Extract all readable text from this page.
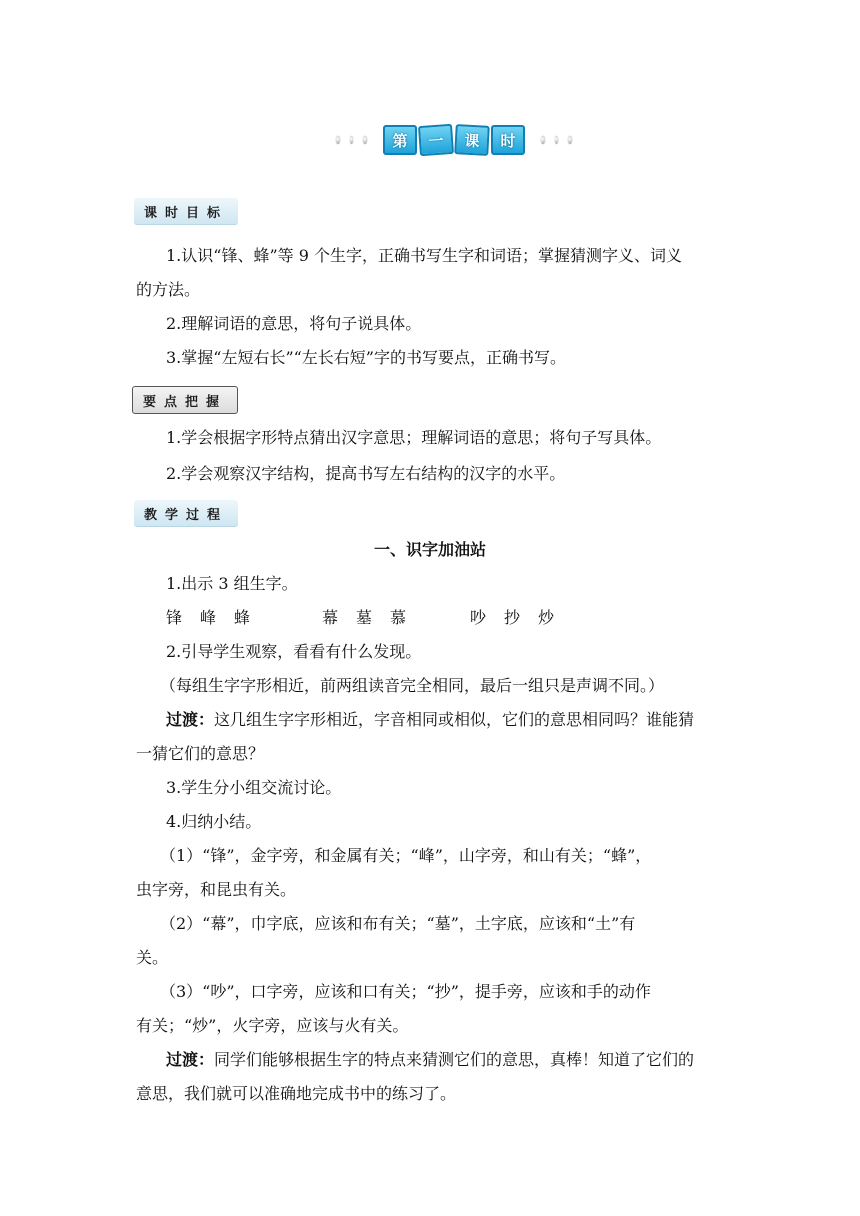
第	一	课	时
课时目标
1.认识“锋、蜂”等 9 个生字，正确书写生字和词语；掌握猜测字义、词义
的方法。
2.理解词语的意思，将句子说具体。
3.掌握“左短右长”“左长右短”字的书写要点，正确书写。
要点把握
1.学会根据字形特点猜出汉字意思；理解词语的意思；将句子写具体。
2.学会观察汉字结构，提高书写左右结构的汉字的水平。
教学过程
一、识字加油站
1.出示 3 组生字。
锋 峰 蜂	幕 墓 慕	吵 抄 炒
2.引导学生观察，看看有什么发现。
（每组生字字形相近，前两组读音完全相同，最后一组只是声调不同。）
过渡：这几组生字字形相近，字音相同或相似，它们的意思相同吗？谁能猜
一猜它们的意思？
3.学生分小组交流讨论。
4.归纳小结。
（1）“锋”，金字旁，和金属有关；“峰”，山字旁，和山有关；“蜂”，
虫字旁，和昆虫有关。
（2）“幕”，巾字底，应该和布有关；“墓”，土字底，应该和“土”有
关。
（3）“吵”，口字旁，应该和口有关；“抄”，提手旁，应该和手的动作
有关；“炒”，火字旁，应该与火有关。
过渡：同学们能够根据生字的特点来猜测它们的意思，真棒！知道了它们的
意思，我们就可以准确地完成书中的练习了。
